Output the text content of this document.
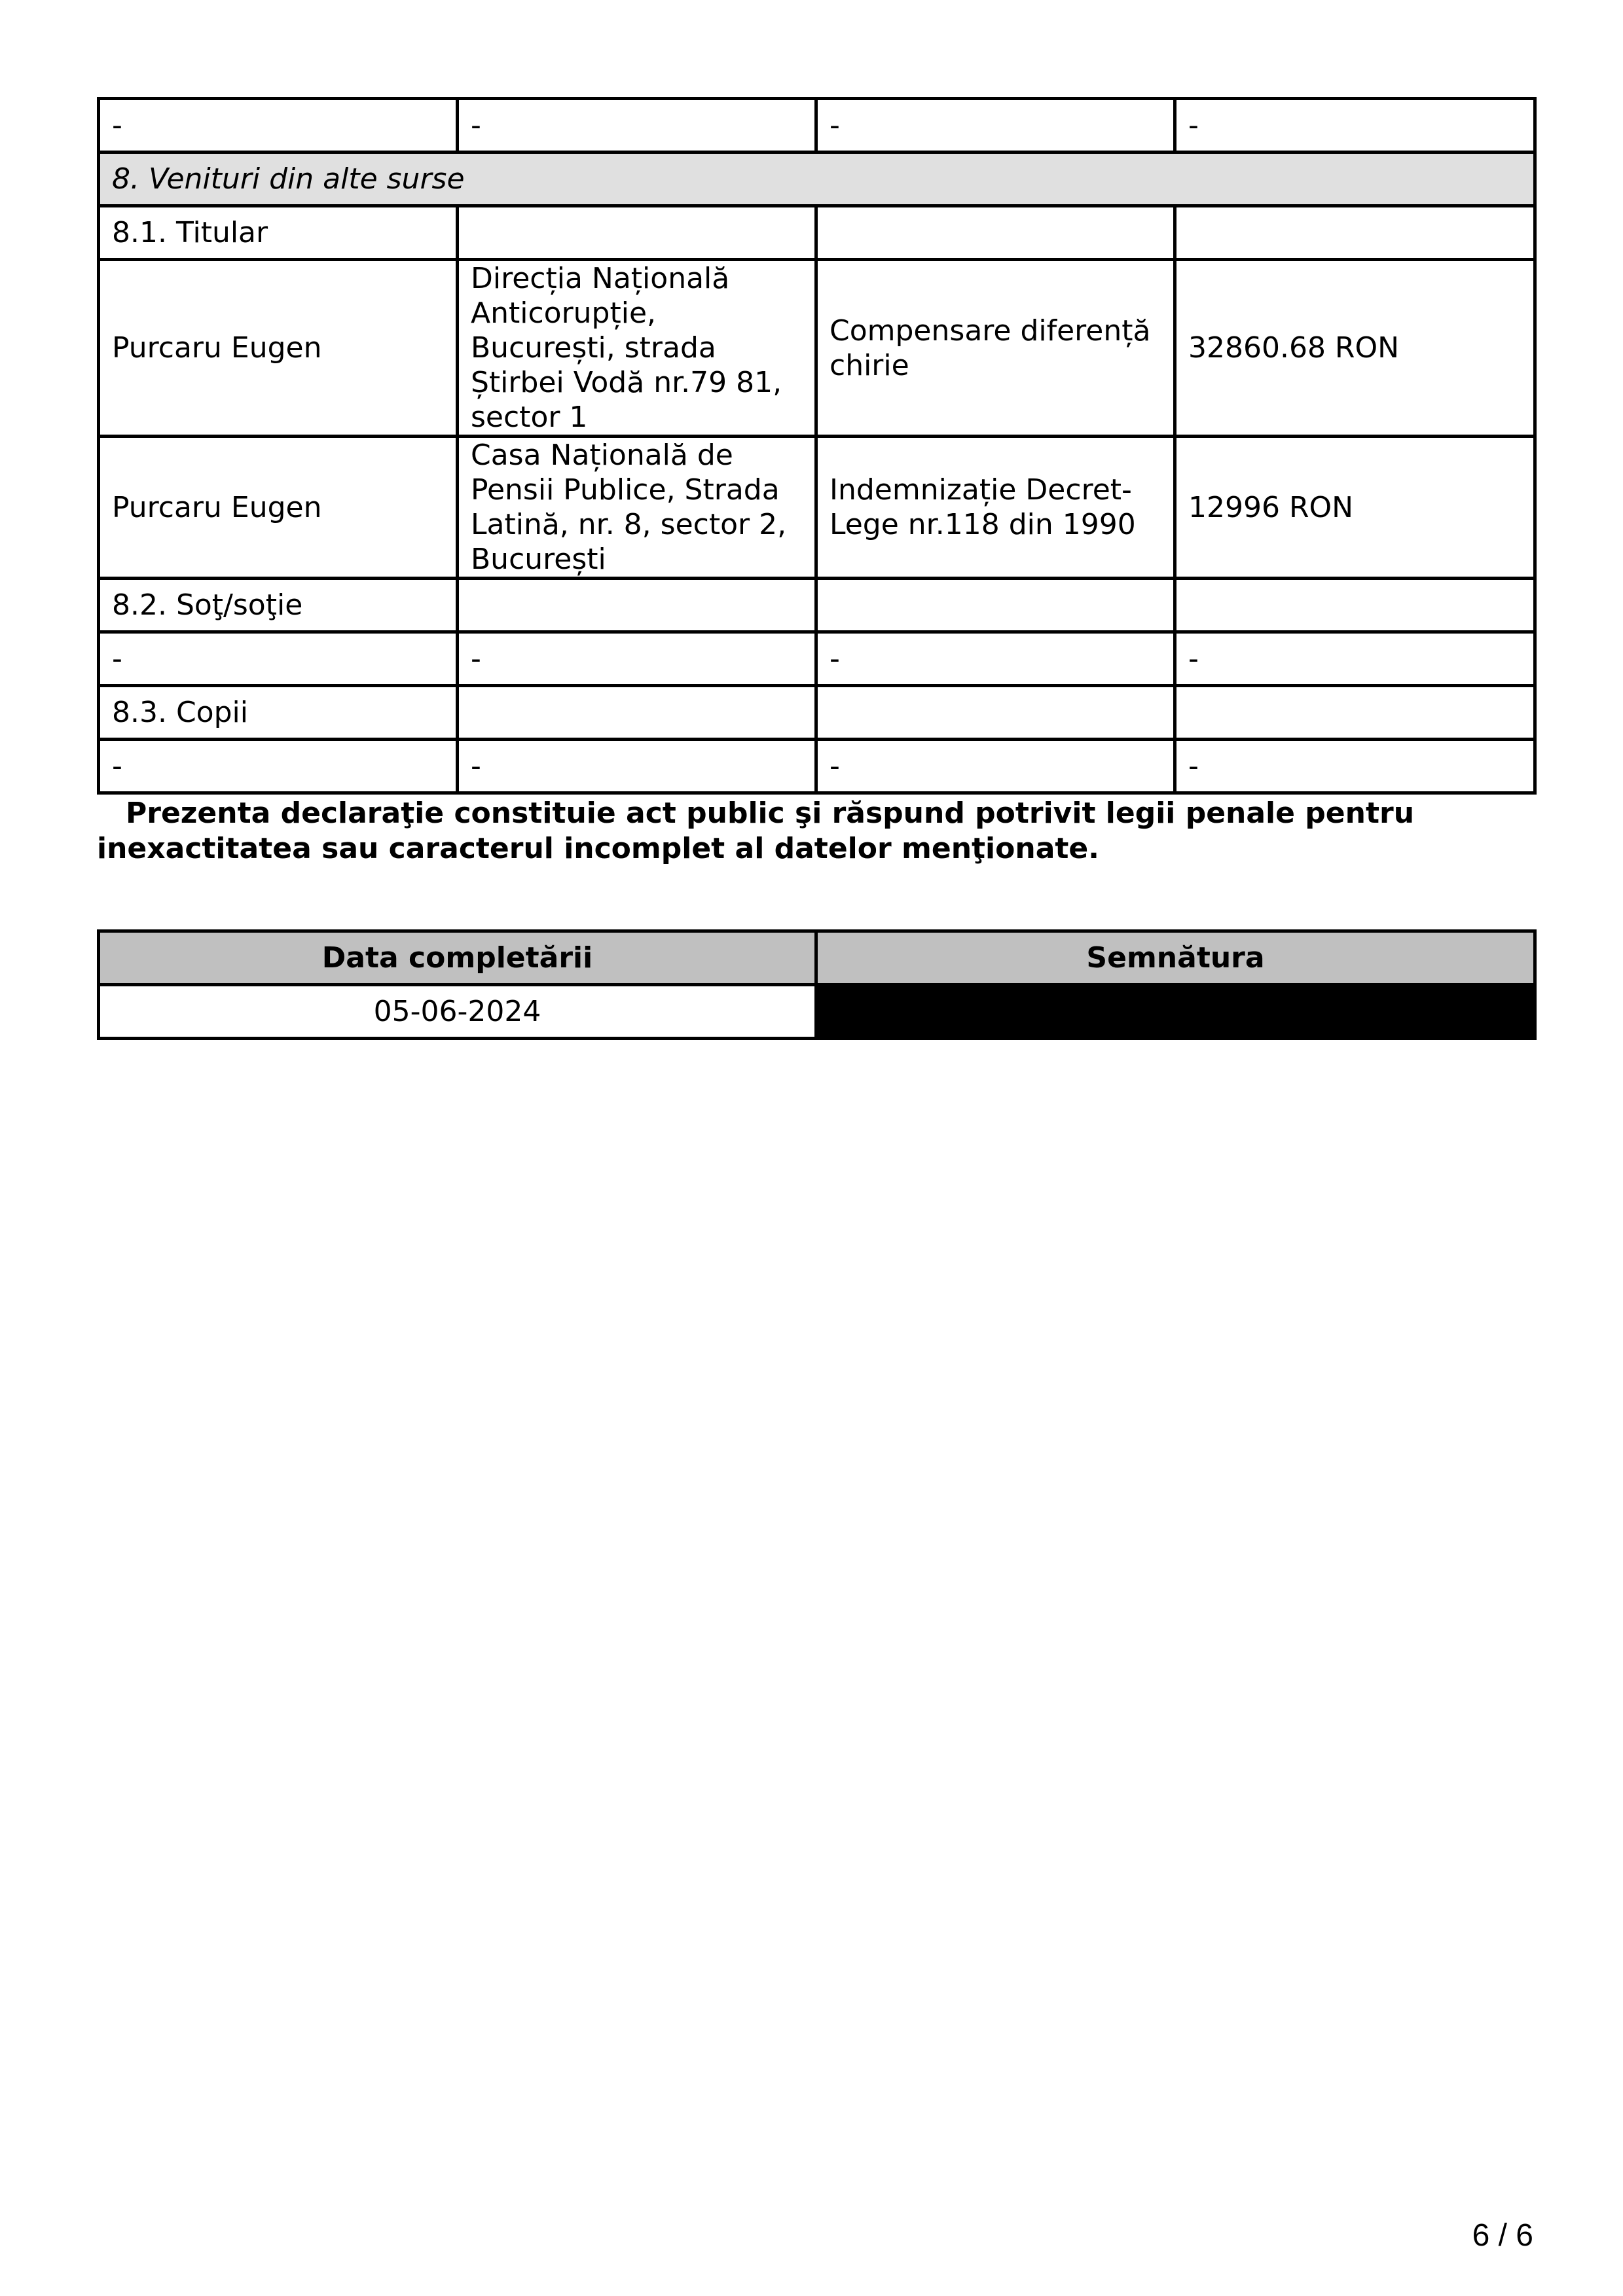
-	-	-	-
8. Venituri din alte surse			
8.1. Titular			
Purcaru Eugen	Direcția Națională Anticorupție, București, strada Știrbei Vodă nr.79 81, sector 1	Compensare diferență chirie	32860.68 RON
Purcaru Eugen	Casa Națională de Pensii Publice, Strada Latină, nr. 8, sector 2, București	Indemnizație Decret-Lege nr.118 din 1990	12996 RON
8.2. Soţ/soţie			
-	-	-	-
8.3. Copii			
-	-	-	-

Prezenta declaraţie constituie act public şi răspund potrivit legii penale pentru inexactitatea sau caracterul incomplet al datelor menţionate.

Data completării	Semnătura
05-06-2024	
6 / 6
